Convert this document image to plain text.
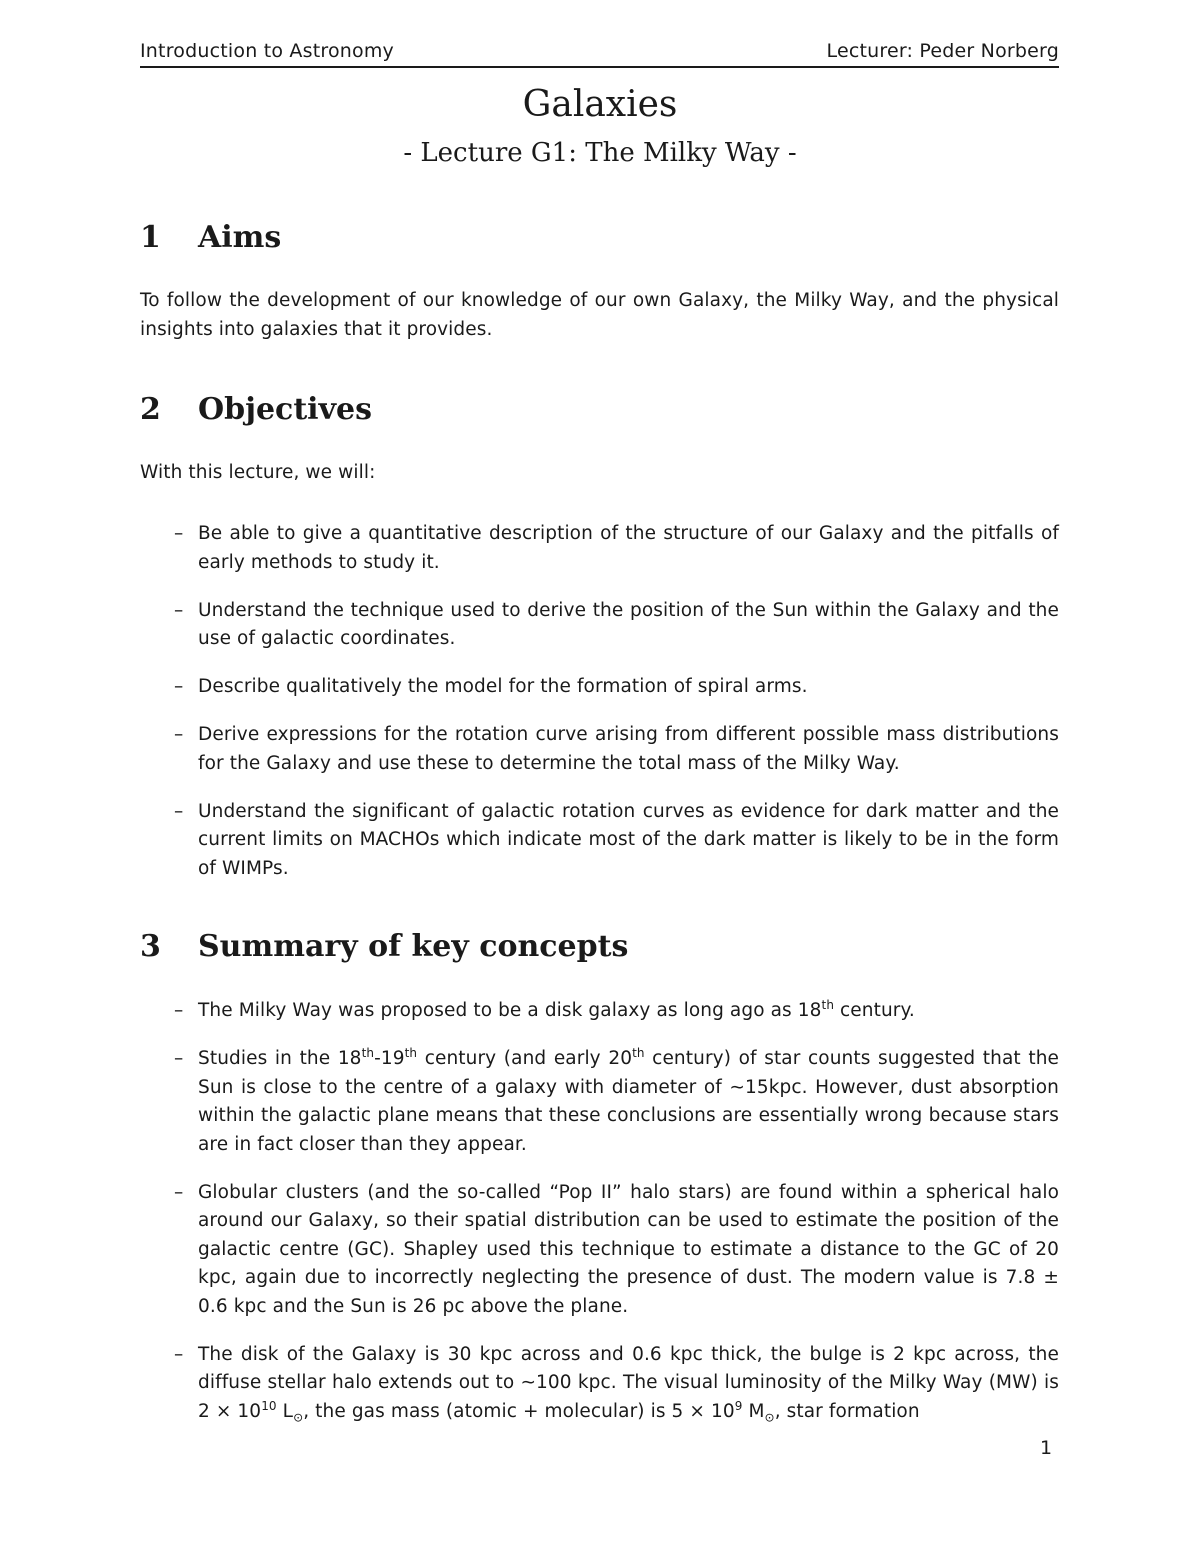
Introduction to Astronomy	Lecturer: Peder Norberg
Galaxies
- Lecture G1: The Milky Way -
1	Aims
To follow the development of our knowledge of our own Galaxy, the Milky Way, and the physical insights into galaxies that it provides.
2	Objectives
With this lecture, we will:
– Be able to give a quantitative description of the structure of our Galaxy and the pitfalls of early methods to study it.
– Understand the technique used to derive the position of the Sun within the Galaxy and the use of galactic coordinates.
– Describe qualitatively the model for the formation of spiral arms.
– Derive expressions for the rotation curve arising from different possible mass distributions for the Galaxy and use these to determine the total mass of the Milky Way.
– Understand the significant of galactic rotation curves as evidence for dark matter and the current limits on MACHOs which indicate most of the dark matter is likely to be in the form of WIMPs.
3	Summary of key concepts
– The Milky Way was proposed to be a disk galaxy as long ago as 18th century.
– Studies in the 18th-19th century (and early 20th century) of star counts suggested that the Sun is close to the centre of a galaxy with diameter of ∼15kpc. However, dust absorption within the galactic plane means that these conclusions are essentially wrong because stars are in fact closer than they appear.
– Globular clusters (and the so-called “Pop II” halo stars) are found within a spherical halo around our Galaxy, so their spatial distribution can be used to estimate the position of the galactic centre (GC). Shapley used this technique to estimate a distance to the GC of 20 kpc, again due to incorrectly neglecting the presence of dust. The modern value is 7.8 ± 0.6 kpc and the Sun is 26 pc above the plane.
– The disk of the Galaxy is 30 kpc across and 0.6 kpc thick, the bulge is 2 kpc across, the diffuse stellar halo extends out to ∼100 kpc. The visual luminosity of the Milky Way (MW) is $2 \times 10^{10}$ $L_⊙$, the gas mass (atomic + molecular) is $5 \times 10^9$ $M_⊙$, star formation
1
